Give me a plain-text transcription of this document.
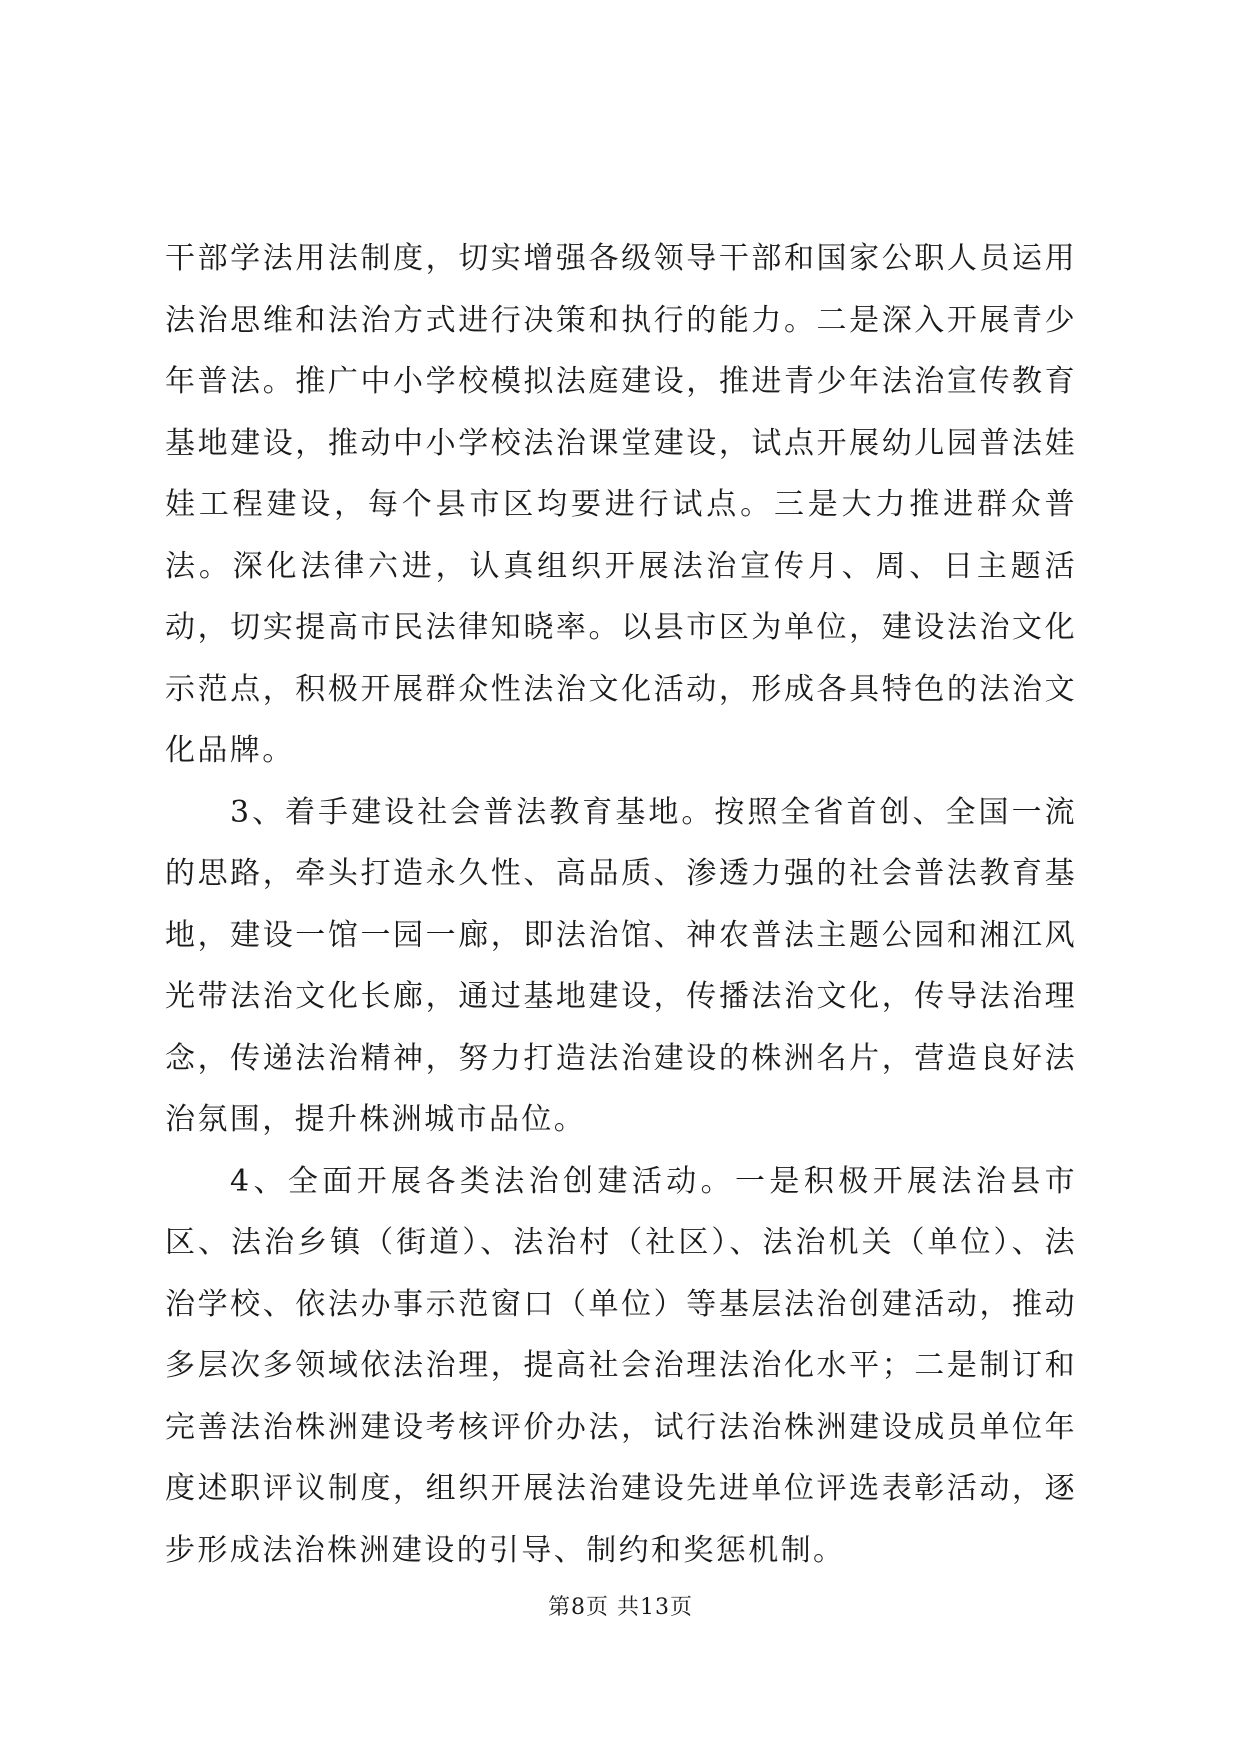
干部学法用法制度，切实增强各级领导干部和国家公职人员运用法治思维和法治方式进行决策和执行的能力。二是深入开展青少年普法。推广中小学校模拟法庭建设，推进青少年法治宣传教育基地建设，推动中小学校法治课堂建设，试点开展幼儿园普法娃娃工程建设，每个县市区均要进行试点。三是大力推进群众普法。深化法律六进，认真组织开展法治宣传月、周、日主题活动，切实提高市民法律知晓率。以县市区为单位，建设法治文化示范点，积极开展群众性法治文化活动，形成各具特色的法治文化品牌。

3、着手建设社会普法教育基地。按照全省首创、全国一流的思路，牵头打造永久性、高品质、渗透力强的社会普法教育基地，建设一馆一园一廊，即法治馆、神农普法主题公园和湘江风光带法治文化长廊，通过基地建设，传播法治文化，传导法治理念，传递法治精神，努力打造法治建设的株洲名片，营造良好法治氛围，提升株洲城市品位。

4、全面开展各类法治创建活动。一是积极开展法治县市区、法治乡镇（街道）、法治村（社区）、法治机关（单位）、法治学校、依法办事示范窗口（单位）等基层法治创建活动，推动多层次多领域依法治理，提高社会治理法治化水平；二是制订和完善法治株洲建设考核评价办法，试行法治株洲建设成员单位年度述职评议制度，组织开展法治建设先进单位评选表彰活动，逐步形成法治株洲建设的引导、制约和奖惩机制。

第8页 共13页
